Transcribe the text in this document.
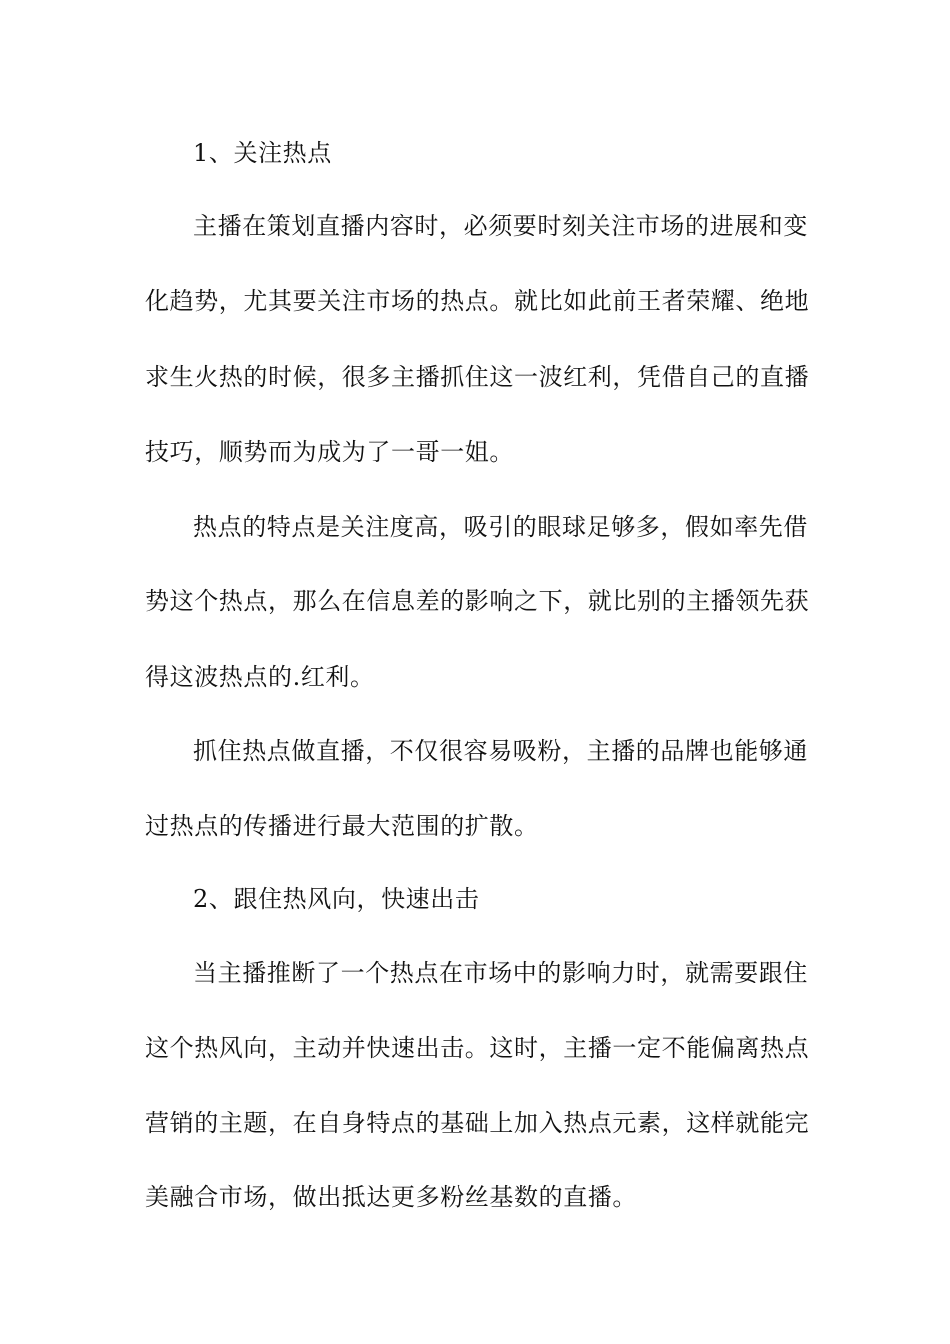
1、关注热点
主播在策划直播内容时，必须要时刻关注市场的进展和变
化趋势，尤其要关注市场的热点。就比如此前王者荣耀、绝地
求生火热的时候，很多主播抓住这一波红利，凭借自己的直播
技巧，顺势而为成为了一哥一姐。
热点的特点是关注度高，吸引的眼球足够多，假如率先借
势这个热点，那么在信息差的影响之下，就比别的主播领先获
得这波热点的.红利。
抓住热点做直播，不仅很容易吸粉，主播的品牌也能够通
过热点的传播进行最大范围的扩散。
2、跟住热风向，快速出击
当主播推断了一个热点在市场中的影响力时，就需要跟住
这个热风向，主动并快速出击。这时，主播一定不能偏离热点
营销的主题，在自身特点的基础上加入热点元素，这样就能完
美融合市场，做出抵达更多粉丝基数的直播。
